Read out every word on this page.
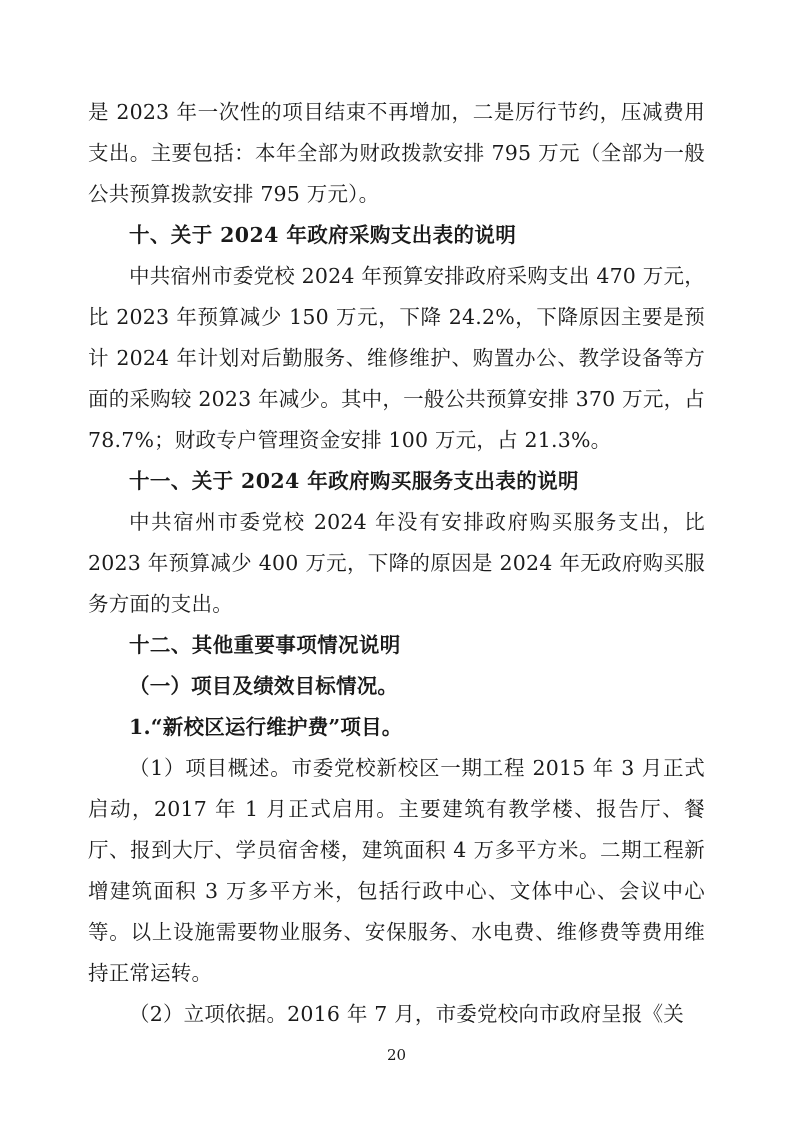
是 2023 年一次性的项目结束不再增加，二是厉行节约，压减费用支出。主要包括：本年全部为财政拨款安排 795 万元（全部为一般公共预算拨款安排 795 万元）。

十、关于 2024 年政府采购支出表的说明

中共宿州市委党校 2024 年预算安排政府采购支出 470 万元，比 2023 年预算减少 150 万元，下降 24.2%，下降原因主要是预计 2024 年计划对后勤服务、维修维护、购置办公、教学设备等方面的采购较 2023 年减少。其中，一般公共预算安排 370 万元，占 78.7%；财政专户管理资金安排 100 万元，占 21.3%。

十一、关于 2024 年政府购买服务支出表的说明

中共宿州市委党校 2024 年没有安排政府购买服务支出，比 2023 年预算减少 400 万元，下降的原因是 2024 年无政府购买服务方面的支出。

十二、其他重要事项情况说明

（一）项目及绩效目标情况。

1.“新校区运行维护费”项目。

（1）项目概述。市委党校新校区一期工程 2015 年 3 月正式启动，2017 年 1 月正式启用。主要建筑有教学楼、报告厅、餐厅、报到大厅、学员宿舍楼，建筑面积 4 万多平方米。二期工程新增建筑面积 3 万多平方米，包括行政中心、文体中心、会议中心等。以上设施需要物业服务、安保服务、水电费、维修费等费用维持正常运转。

（2）立项依据。2016 年 7 月，市委党校向市政府呈报《关

20
